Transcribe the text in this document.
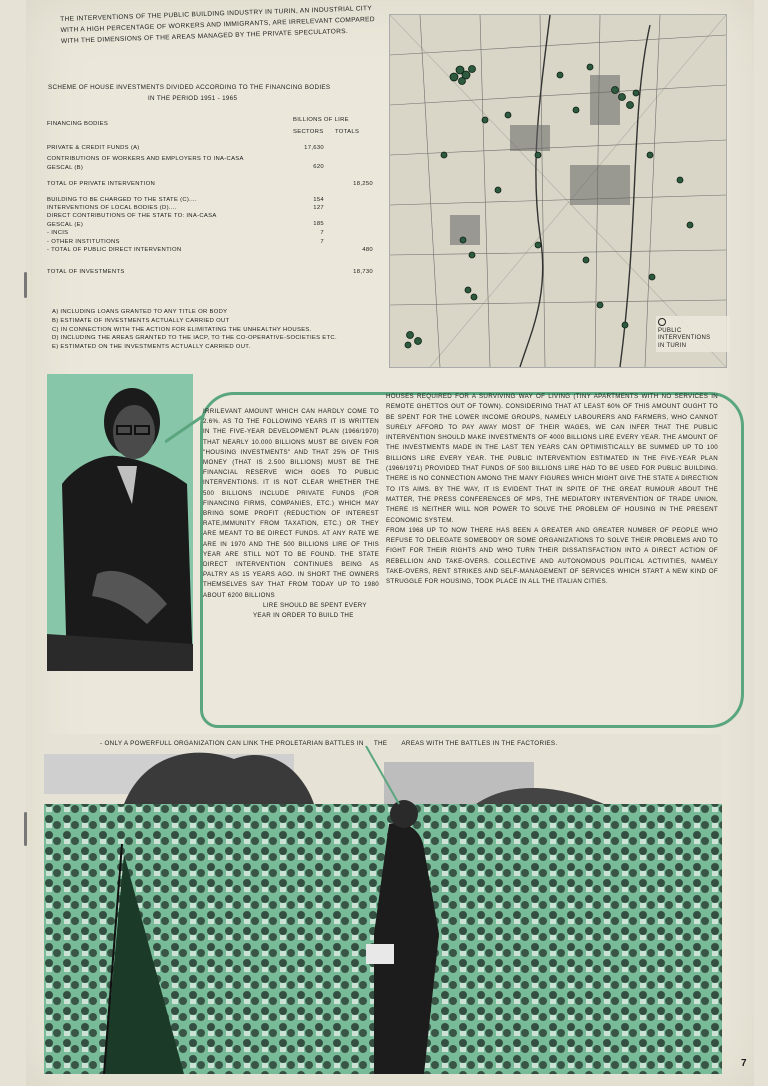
THE INTERVENTIONS OF THE PUBLIC BUILDING INDUSTRY IN TURIN, AN INDUSTRIAL CITY WITH A HIGH PERCENTAGE OF WORKERS AND IMMIGRANTS, ARE IRRELEVANT COMPARED WITH THE DIMENSIONS OF THE AREAS MANAGED BY THE PRIVATE SPECULATORS.
SCHEME OF HOUSE INVESTMENTS DIVIDED ACCORDING TO THE FINANCING BODIES
IN THE PERIOD 1951 - 1965
FINANCING BODIES
BILLIONS OF LIRE
SECTORS TOTALS
PRIVATE & CREDIT FUNDS (A)	17,630
CONTRIBUTIONS OF WORKERS AND EMPLOYERS TO INA-CASA GESCAL (B)	620
TOTAL OF PRIVATE INTERVENTION	18,250
BUILDING TO BE CHARGED TO THE STATE (C)....	154
INTERVENTIONS OF LOCAL BODIES (D)....	127
DIRECT CONTRIBUTIONS OF THE STATE TO: INA-CASA GESCAL (E)	185
- INCIS	7
- OTHER INSTITUTIONS	7
- TOTAL OF PUBLIC DIRECT INTERVENTION	480
TOTAL OF INVESTMENTS	18,730
A) INCLUDING LOANS GRANTED TO ANY TITLE OR BODY
B) ESTIMATE OF INVESTMENTS ACTUALLY CARRIED OUT
C) IN CONNECTION WITH THE ACTION FOR ELIMITATING THE UNHEALTHY HOUSES.
D) INCLUDING THE AREAS GRANTED TO THE IACP, TO THE CO-OPERATIVE-SOCIETIES ETC.
E) ESTIMATED ON THE INVESTMENTS ACTUALLY CARRIED OUT.
PUBLIC
INTERVENTIONS
IN TURIN

IRRILEVANT AMOUNT WHICH CAN HARDLY COME TO 2.6%. AS TO THE FOLLOWING YEARS IT IS WRITTEN IN THE FIVE-YEAR DEVELOPMENT PLAN (1966/1970) THAT NEARLY 10.000 BILLIONS MUST BE GIVEN FOR "HOUSING INVESTMENTS" AND THAT 25% OF THIS MONEY (THAT IS 2.500 BILLIONS) MUST BE THE FINANCIAL RESERVE WICH GOES TO PUBLIC INTERVENTIONS. IT IS NOT CLEAR WHETHER THE 500 BILLIONS INCLUDE PRIVATE FUNDS (FOR FINANCING FIRMS, COMPANIES, ETC.) WHICH MAY BRING SOME PROFIT (REDUCTION OF INTEREST RATE,IMMUNITY FROM TAXATION, ETC.) OR THEY ARE MEANT TO BE DIRECT FUNDS. AT ANY RATE WE ARE IN 1970 AND THE 500 BILLIONS LIRE OF THIS YEAR ARE STILL NOT TO BE FOUND. THE STATE DIRECT INTERVENTION CONTINUES BEING AS PALTRY AS 15 YEARS AGO. IN SHORT THE OWNERS THEMSELVES SAY THAT FROM TODAY UP TO 1980 ABOUT 6200 BILLIONS

LIRE SHOULD BE SPENT EVERY
YEAR IN ORDER TO BUILD THE

HOUSES REQUIRED FOR A SURVIVING WAY OF LIVING (TINY APARTMENTS WITH NO SERVICES IN REMOTE GHETTOS OUT OF TOWN). CONSIDERING THAT AT LEAST 60% OF THIS AMOUNT OUGHT TO BE SPENT FOR THE LOWER INCOME GROUPS, NAMELY LABOURERS AND FARMERS, WHO CANNOT SURELY AFFORD TO PAY AWAY MOST OF THEIR WAGES, WE CAN INFER THAT THE PUBLIC INTERVENTION SHOULD MAKE INVESTMENTS OF 4000 BILLIONS LIRE EVERY YEAR. THE AMOUNT OF THE INVESTMENTS MADE IN THE LAST TEN YEARS CAN OPTIMISTICALLY BE SUMMED UP TO 100 BILLIONS LIRE EVERY YEAR. THE PUBLIC INTERVENTION ESTIMATED IN THE FIVE-YEAR PLAN (1966/1971) PROVIDED THAT FUNDS OF 500 BILLIONS LIRE HAD TO BE USED FOR PUBLIC BUILDING. THERE IS NO CONNECTION AMONG THE MANY FIGURES WHICH MIGHT GIVE THE STATE A DIRECTION TO ITS AIMS. BY THE WAY, IT IS EVIDENT THAT IN SPITE OF THE GREAT RUMOUR ABOUT THE MATTER, THE PRESS CONFERENCES OF MPS, THE MEDIATORY INTERVENTION OF TRADE UNION, THERE IS NEITHER WILL NOR POWER TO SOLVE THE PROBLEM OF HOUSING IN THE PRESENT ECONOMIC SYSTEM.

FROM 1968 UP TO NOW THERE HAS BEEN A GREATER AND GREATER NUMBER OF PEOPLE WHO REFUSE TO DELEGATE SOMEBODY OR SOME ORGANIZATIONS TO SOLVE THEIR PROBLEMS AND TO FIGHT FOR THEIR RIGHTS AND WHO TURN THEIR DISSATISFACTION INTO A DIRECT ACTION OF REBELLION AND TAKE-OVERS. COLLECTIVE AND AUTONOMOUS POLITICAL ACTIVITIES, NAMELY TAKE-OVERS, RENT STRIKES AND SELF-MANAGEMENT OF SERVICES WHICH START A NEW KIND OF STRUGGLE FOR HOUSING, TOOK PLACE IN ALL THE ITALIAN CITIES.

- ONLY A POWERFULL ORGANIZATION CAN LINK THE PROLETARIAN BATTLES IN THE AREAS WITH THE BATTLES IN THE FACTORIES.
7
